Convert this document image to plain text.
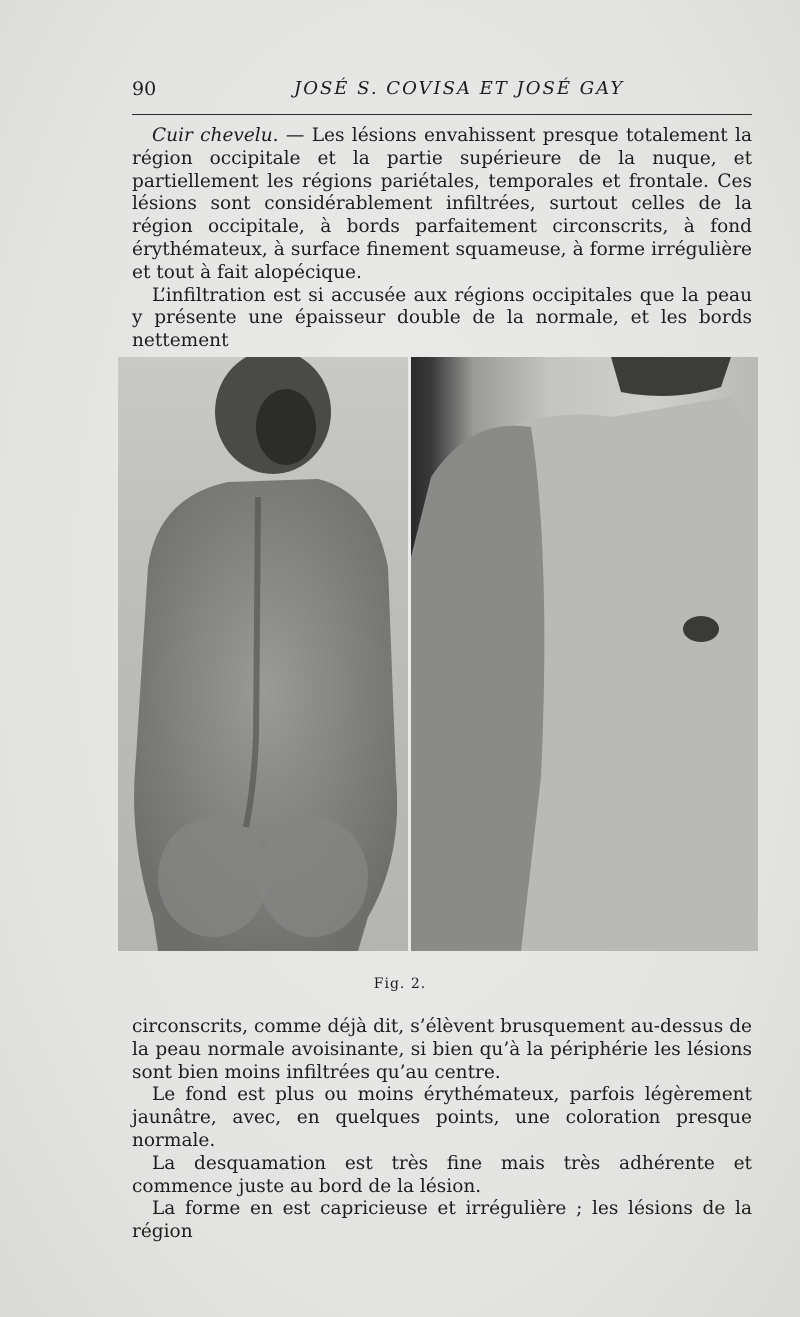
90	JOSÉ S. COVISA ET JOSÉ GAY

Cuir chevelu. — Les lésions envahissent presque totalement la région occipitale et la partie supérieure de la nuque, et partiellement les régions pariétales, temporales et frontale. Ces lésions sont considérablement infiltrées, surtout celles de la région occipitale, à bords parfaitement circonscrits, à fond érythémateux, à surface finement squameuse, à forme irrégulière et tout à fait alopécique.

L’infiltration est si accusée aux régions occipitales que la peau y présente une épaisseur double de la normale, et les bords nettement

Fig. 2.

circonscrits, comme déjà dit, s’élèvent brusquement au-dessus de la peau normale avoisinante, si bien qu’à la périphérie les lésions sont bien moins infiltrées qu’au centre.

Le fond est plus ou moins érythémateux, parfois légèrement jaunâtre, avec, en quelques points, une coloration presque normale.

La desquamation est très fine mais très adhérente et commence juste au bord de la lésion.

La forme en est capricieuse et irrégulière ; les lésions de la région
